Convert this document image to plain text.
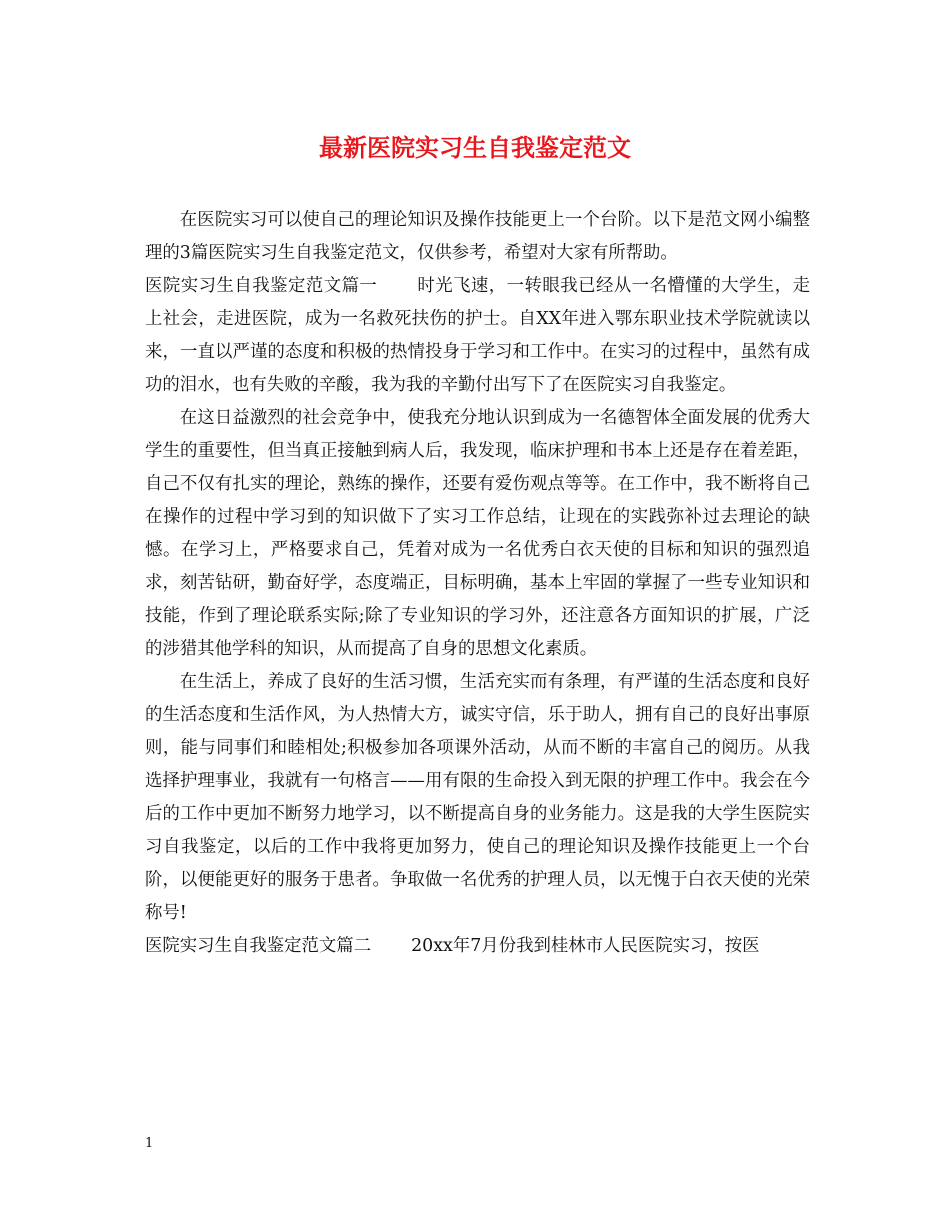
最新医院实习生自我鉴定范文

在医院实习可以使自己的理论知识及操作技能更上一个台阶。以下是范文网小编整理的3篇医院实习生自我鉴定范文，仅供参考，希望对大家有所帮助。

医院实习生自我鉴定范文篇一 时光飞速，一转眼我已经从一名懵懂的大学生，走上社会，走进医院，成为一名救死扶伤的护士。自XX年进入鄂东职业技术学院就读以来，一直以严谨的态度和积极的热情投身于学习和工作中。在实习的过程中，虽然有成功的泪水，也有失败的辛酸，我为我的辛勤付出写下了在医院实习自我鉴定。

在这日益激烈的社会竞争中，使我充分地认识到成为一名德智体全面发展的优秀大学生的重要性，但当真正接触到病人后，我发现，临床护理和书本上还是存在着差距，自己不仅有扎实的理论，熟练的操作，还要有爱伤观点等等。在工作中，我不断将自己在操作的过程中学习到的知识做下了实习工作总结，让现在的实践弥补过去理论的缺憾。在学习上，严格要求自己，凭着对成为一名优秀白衣天使的目标和知识的强烈追求，刻苦钻研，勤奋好学，态度端正，目标明确，基本上牢固的掌握了一些专业知识和技能，作到了理论联系实际;除了专业知识的学习外，还注意各方面知识的扩展，广泛的涉猎其他学科的知识，从而提高了自身的思想文化素质。

在生活上，养成了良好的生活习惯，生活充实而有条理，有严谨的生活态度和良好的生活态度和生活作风，为人热情大方，诚实守信，乐于助人，拥有自己的良好出事原则，能与同事们和睦相处;积极参加各项课外活动，从而不断的丰富自己的阅历。从我选择护理事业，我就有一句格言——用有限的生命投入到无限的护理工作中。我会在今后的工作中更加不断努力地学习，以不断提高自身的业务能力。这是我的大学生医院实习自我鉴定，以后的工作中我将更加努力，使自己的理论知识及操作技能更上一个台阶，以便能更好的服务于患者。争取做一名优秀的护理人员，以无愧于白衣天使的光荣称号!

医院实习生自我鉴定范文篇二 20xx年7月份我到桂林市人民医院实习，按医

1
